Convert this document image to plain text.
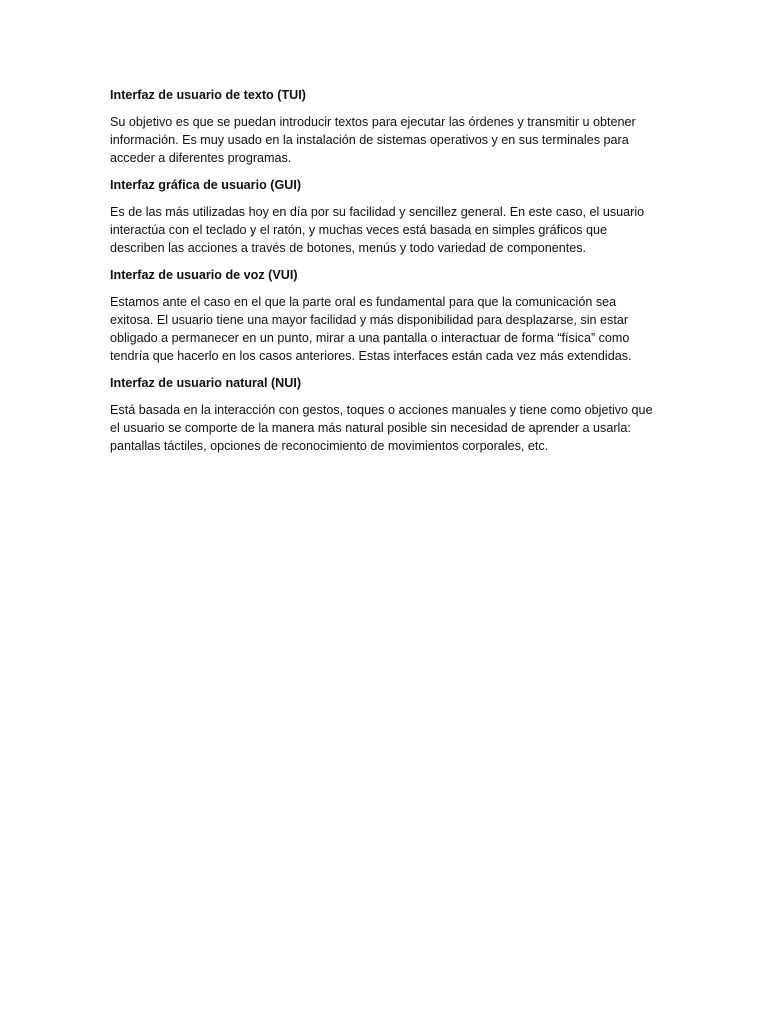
Interfaz de usuario de texto (TUI)

Su objetivo es que se puedan introducir textos para ejecutar las órdenes y transmitir u obtener información. Es muy usado en la instalación de sistemas operativos y en sus terminales para acceder a diferentes programas.

Interfaz gráfica de usuario (GUI)

Es de las más utilizadas hoy en día por su facilidad y sencillez general. En este caso, el usuario interactúa con el teclado y el ratón, y muchas veces está basada en simples gráficos que describen las acciones a través de botones, menús y todo variedad de componentes.

Interfaz de usuario de voz (VUI)

Estamos ante el caso en el que la parte oral es fundamental para que la comunicación sea exitosa. El usuario tiene una mayor facilidad y más disponibilidad para desplazarse, sin estar obligado a permanecer en un punto, mirar a una pantalla o interactuar de forma “física” como tendría que hacerlo en los casos anteriores. Estas interfaces están cada vez más extendidas.

Interfaz de usuario natural (NUI)

Está basada en la interacción con gestos, toques o acciones manuales y tiene como objetivo que el usuario se comporte de la manera más natural posible sin necesidad de aprender a usarla: pantallas táctiles, opciones de reconocimiento de movimientos corporales, etc.
